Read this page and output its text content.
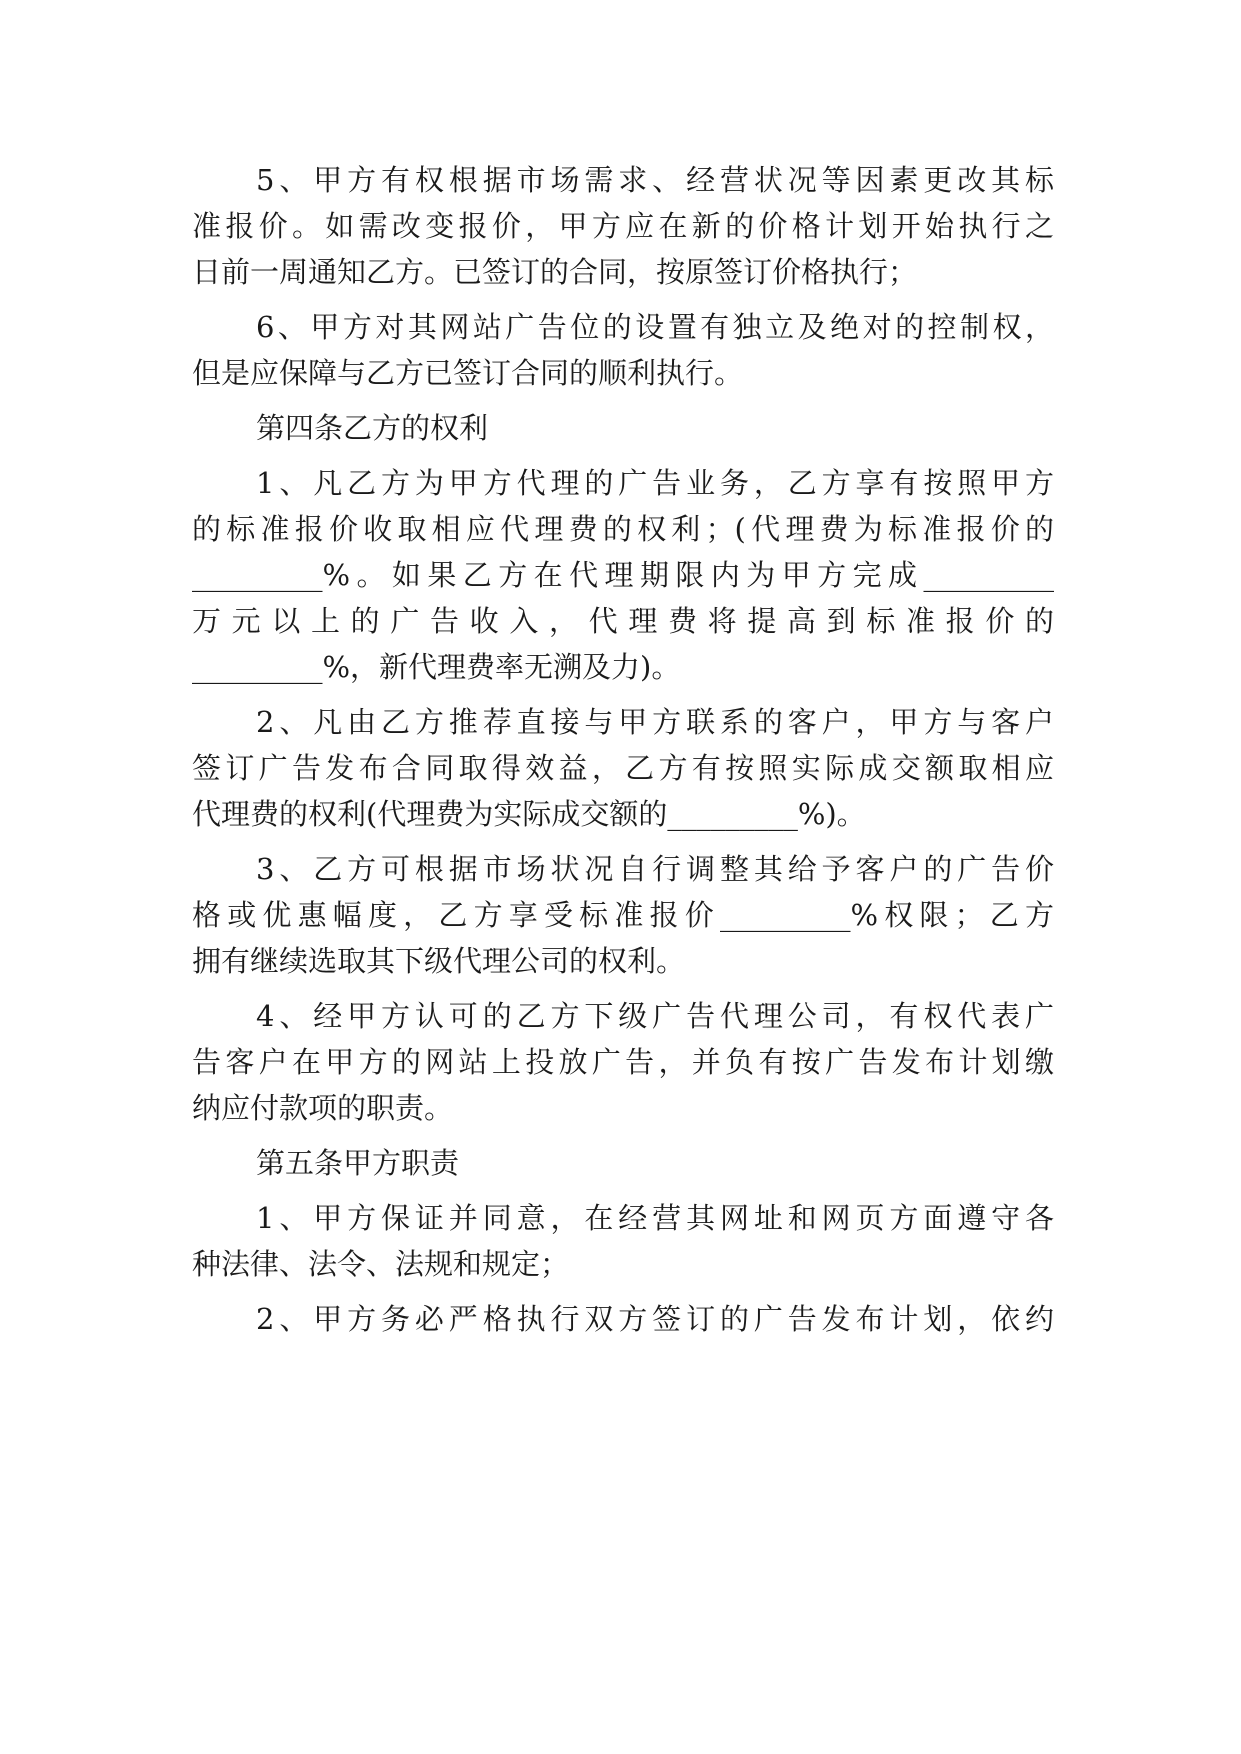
5、甲方有权根据市场需求、经营状况等因素更改其标
准报价。如需改变报价，甲方应在新的价格计划开始执行之
日前一周通知乙方。已签订的合同，按原签订价格执行；
6、甲方对其网站广告位的设置有独立及绝对的控制权，
但是应保障与乙方已签订合同的顺利执行。
第四条乙方的权利
1、凡乙方为甲方代理的广告业务，乙方享有按照甲方
的标准报价收取相应代理费的权利；(代理费为标准报价的
_________%。如果乙方在代理期限内为甲方完成_________
万元以上的广告收入，代理费将提高到标准报价的
_________%，新代理费率无溯及力)。
2、凡由乙方推荐直接与甲方联系的客户，甲方与客户
签订广告发布合同取得效益，乙方有按照实际成交额取相应
代理费的权利(代理费为实际成交额的_________%)。
3、乙方可根据市场状况自行调整其给予客户的广告价
格或优惠幅度，乙方享受标准报价_________%权限；乙方
拥有继续选取其下级代理公司的权利。
4、经甲方认可的乙方下级广告代理公司，有权代表广
告客户在甲方的网站上投放广告，并负有按广告发布计划缴
纳应付款项的职责。
第五条甲方职责
1、甲方保证并同意，在经营其网址和网页方面遵守各
种法律、法令、法规和规定；
2、甲方务必严格执行双方签订的广告发布计划，依约
